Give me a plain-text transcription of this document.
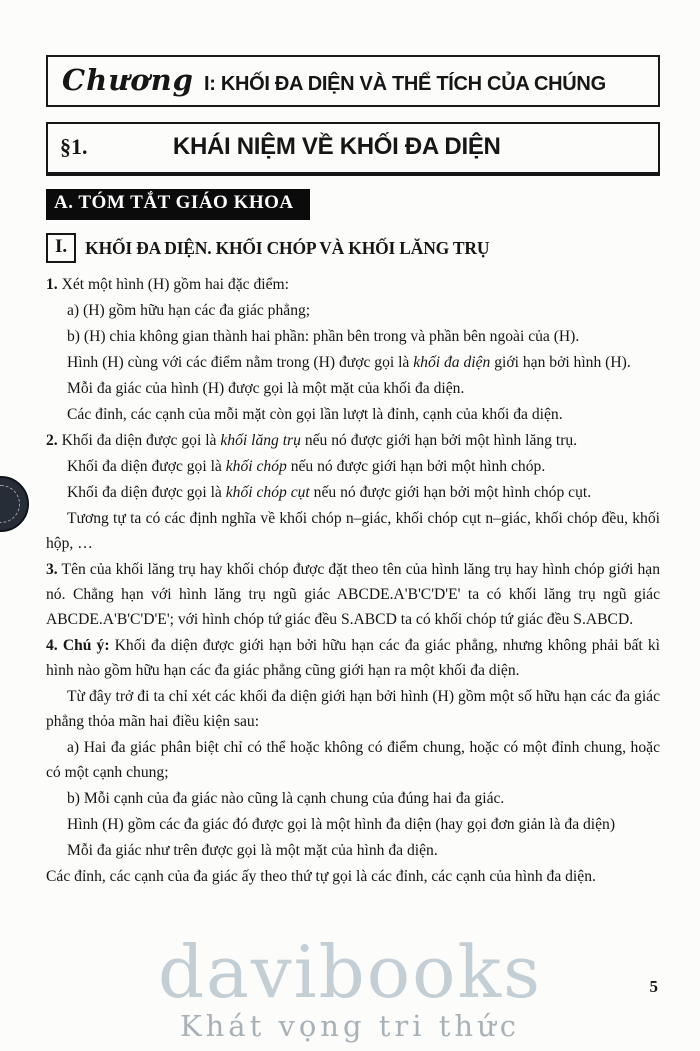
davibooks
Khát vọng tri thức
Chương I: KHỐI ĐA DIỆN VÀ THỂ TÍCH CỦA CHÚNG
§1.	KHÁI NIỆM VỀ KHỐI ĐA DIỆN
A. TÓM TẮT GIÁO KHOA
I.	KHỐI ĐA DIỆN. KHỐI CHÓP VÀ KHỐI LĂNG TRỤ

1. Xét một hình (H) gồm hai đặc điểm:

a) (H) gồm hữu hạn các đa giác phẳng;

b) (H) chia không gian thành hai phần: phần bên trong và phần bên ngoài của (H).

Hình (H) cùng với các điểm nằm trong (H) được gọi là khối đa diện giới hạn bởi hình (H).

Mỗi đa giác của hình (H) được gọi là một mặt của khối đa diện.

Các đỉnh, các cạnh của mỗi mặt còn gọi lần lượt là đỉnh, cạnh của khối đa diện.

2. Khối đa diện được gọi là khối lăng trụ nếu nó được giới hạn bởi một hình lăng trụ.

Khối đa diện được gọi là khối chóp nếu nó được giới hạn bởi một hình chóp.

Khối đa diện được gọi là khối chóp cụt nếu nó được giới hạn bởi một hình chóp cụt.

Tương tự ta có các định nghĩa về khối chóp n–giác, khối chóp cụt n–giác, khối chóp đều, khối hộp, …

3. Tên của khối lăng trụ hay khối chóp được đặt theo tên của hình lăng trụ hay hình chóp giới hạn nó. Chẳng hạn với hình lăng trụ ngũ giác ABCDE.A'B'C'D'E' ta có khối lăng trụ ngũ giác ABCDE.A'B'C'D'E'; với hình chóp tứ giác đều S.ABCD ta có khối chóp tứ giác đều S.ABCD.

4. Chú ý: Khối đa diện được giới hạn bởi hữu hạn các đa giác phẳng, nhưng không phải bất kì hình nào gồm hữu hạn các đa giác phẳng cũng giới hạn ra một khối đa diện.

Từ đây trở đi ta chỉ xét các khối đa diện giới hạn bởi hình (H) gồm một số hữu hạn các đa giác phẳng thỏa mãn hai điều kiện sau:

a) Hai đa giác phân biệt chỉ có thể hoặc không có điểm chung, hoặc có một đỉnh chung, hoặc có một cạnh chung;

b) Mỗi cạnh của đa giác nào cũng là cạnh chung của đúng hai đa giác.

Hình (H) gồm các đa giác đó được gọi là một hình đa diện (hay gọi đơn giản là đa diện)

Mỗi đa giác như trên được gọi là một mặt của hình đa diện.

Các đỉnh, các cạnh của đa giác ấy theo thứ tự gọi là các đỉnh, các cạnh của hình đa diện.

5
